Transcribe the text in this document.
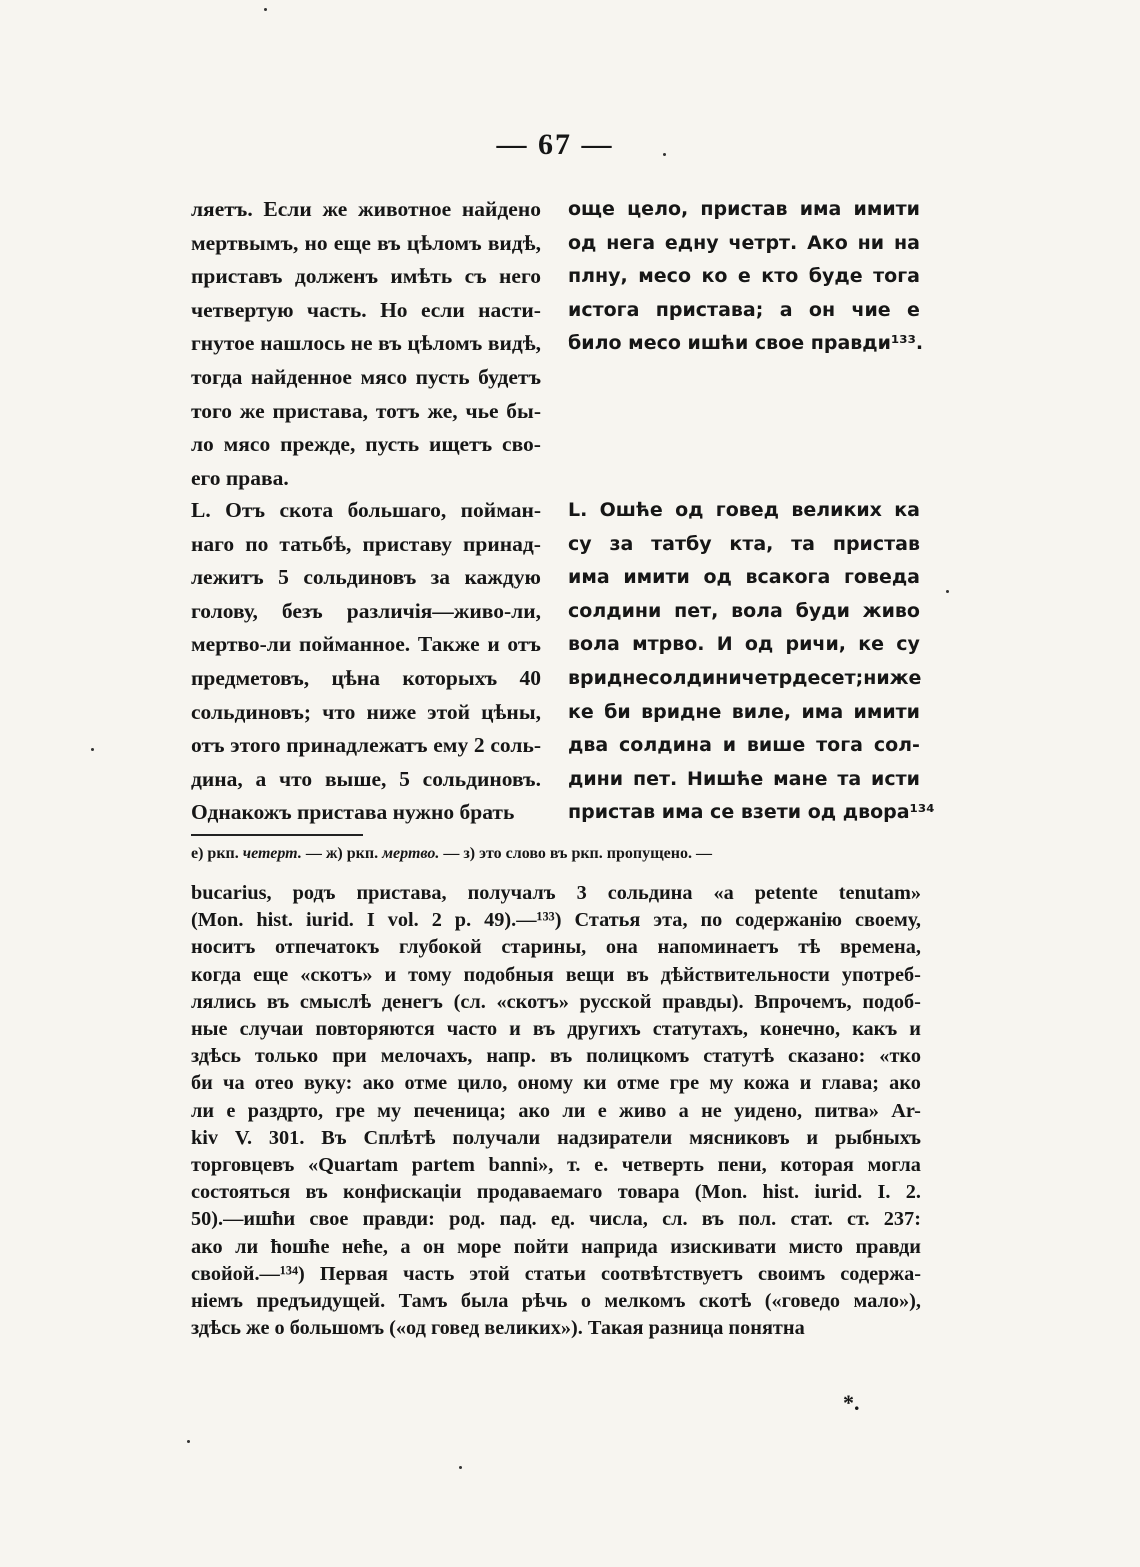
— 67 —
ляетъ. Если же животное найдено
мертвымъ, но еще въ цѣломъ видѣ,
приставъ долженъ имѣть съ него
четвертую часть. Но если насти-
гнутое нашлось не въ цѣломъ видѣ,
тогда найденное мясо пусть будетъ
того же пристава, тотъ же, чье бы-
ло мясо прежде, пусть ищетъ сво-
его права.
още цело, пристав има имити
од нега едну четрт. Ако ни на
плну, месо ко е кто буде тога
истога пристава; а он чие е
било месо ишћи свое правди¹³³.
L. Отъ скота большаго, пойман-
наго по татьбѣ, приставу принад-
лежитъ 5 сольдиновъ за каждую
голову, безъ различія—живо-ли,
мертво-ли пойманное. Также и отъ
предметовъ, цѣна которыхъ 40
сольдиновъ; что ниже этой цѣны,
отъ этого принадлежатъ ему 2 соль-
дина, а что выше, 5 сольдиновъ.
Однакожъ пристава нужно брать
L. Ошће од говед великих ка
су за татбу кта, та пристав
има имити од всакога говеда
солдини пет, вола буди живо
вола мтрво. И од ричи, ке су
вридне солдини четрдесет; ниже
ке би вридне виле, има имити
два солдина и више тога сол-
дини пет. Нишће мане та исти
пристав има се взети од двора¹³⁴
е) ркп. четерт. — ж) ркп. мертво. — з) это слово въ ркп. пропущено. —
bucarius, родъ пристава, получалъ 3 сольдина «a petente tenutam»
(Mon. hist. iurid. I vol. 2 p. 49).—¹³³) Статья эта, по содержанію своему,
носитъ отпечатокъ глубокой старины, она напоминаетъ тѣ времена,
когда еще «скотъ» и тому подобныя вещи въ дѣйствительности употреб-
лялись въ смыслѣ денегъ (сл. «скотъ» русской правды). Впрочемъ, подоб-
ные случаи повторяются часто и въ другихъ статутахъ, конечно, какъ и
здѣсь только при мелочахъ, напр. въ полицкомъ статутѣ сказано: «тко
би ча отео вуку: ако отме цило, оному ки отме гре му кожа и глава; ако
ли е раздрто, гре му печеница; ако ли е живо а не уидено, питва» Ar-
kiv V. 301. Въ Сплѣтѣ получали надзиратели мясниковъ и рыбныхъ
торговцевъ «Quartam partem banni», т. е. четверть пени, которая могла
состояться въ конфискаціи продаваемаго товара (Mon. hist. iurid. I. 2.
50).—ишћи свое правди: род. пад. ед. числа, сл. въ пол. стат. ст. 237:
ако ли ћошће неће, а он море пойти наприда изискивати мисто правди
свойой.—¹³⁴) Первая часть этой статьи соотвѣтствуетъ своимъ содержа-
ніемъ предъидущей. Тамъ была рѣчь о мелкомъ скотѣ («говедо мало»),
здѣсь же о большомъ («од говед великих»). Такая разница понятна
*.
